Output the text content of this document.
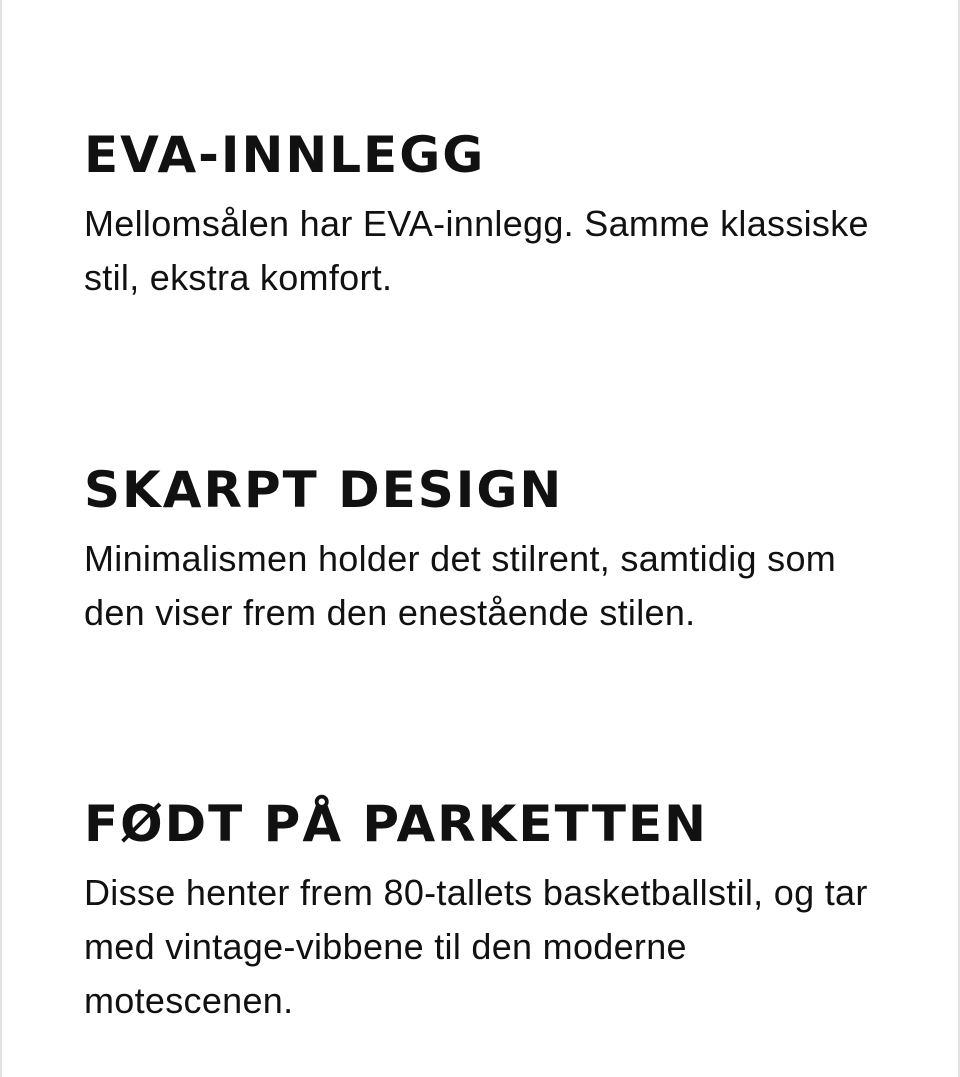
EVA-INNLEGG

Mellomsålen har EVA-innlegg. Samme klassiske stil, ekstra komfort.

SKARPT DESIGN

Minimalismen holder det stilrent, samtidig som den viser frem den enestående stilen.

FØDT PÅ PARKETTEN

Disse henter frem 80-tallets basketballstil, og tar med vintage-vibbene til den moderne motescenen.
